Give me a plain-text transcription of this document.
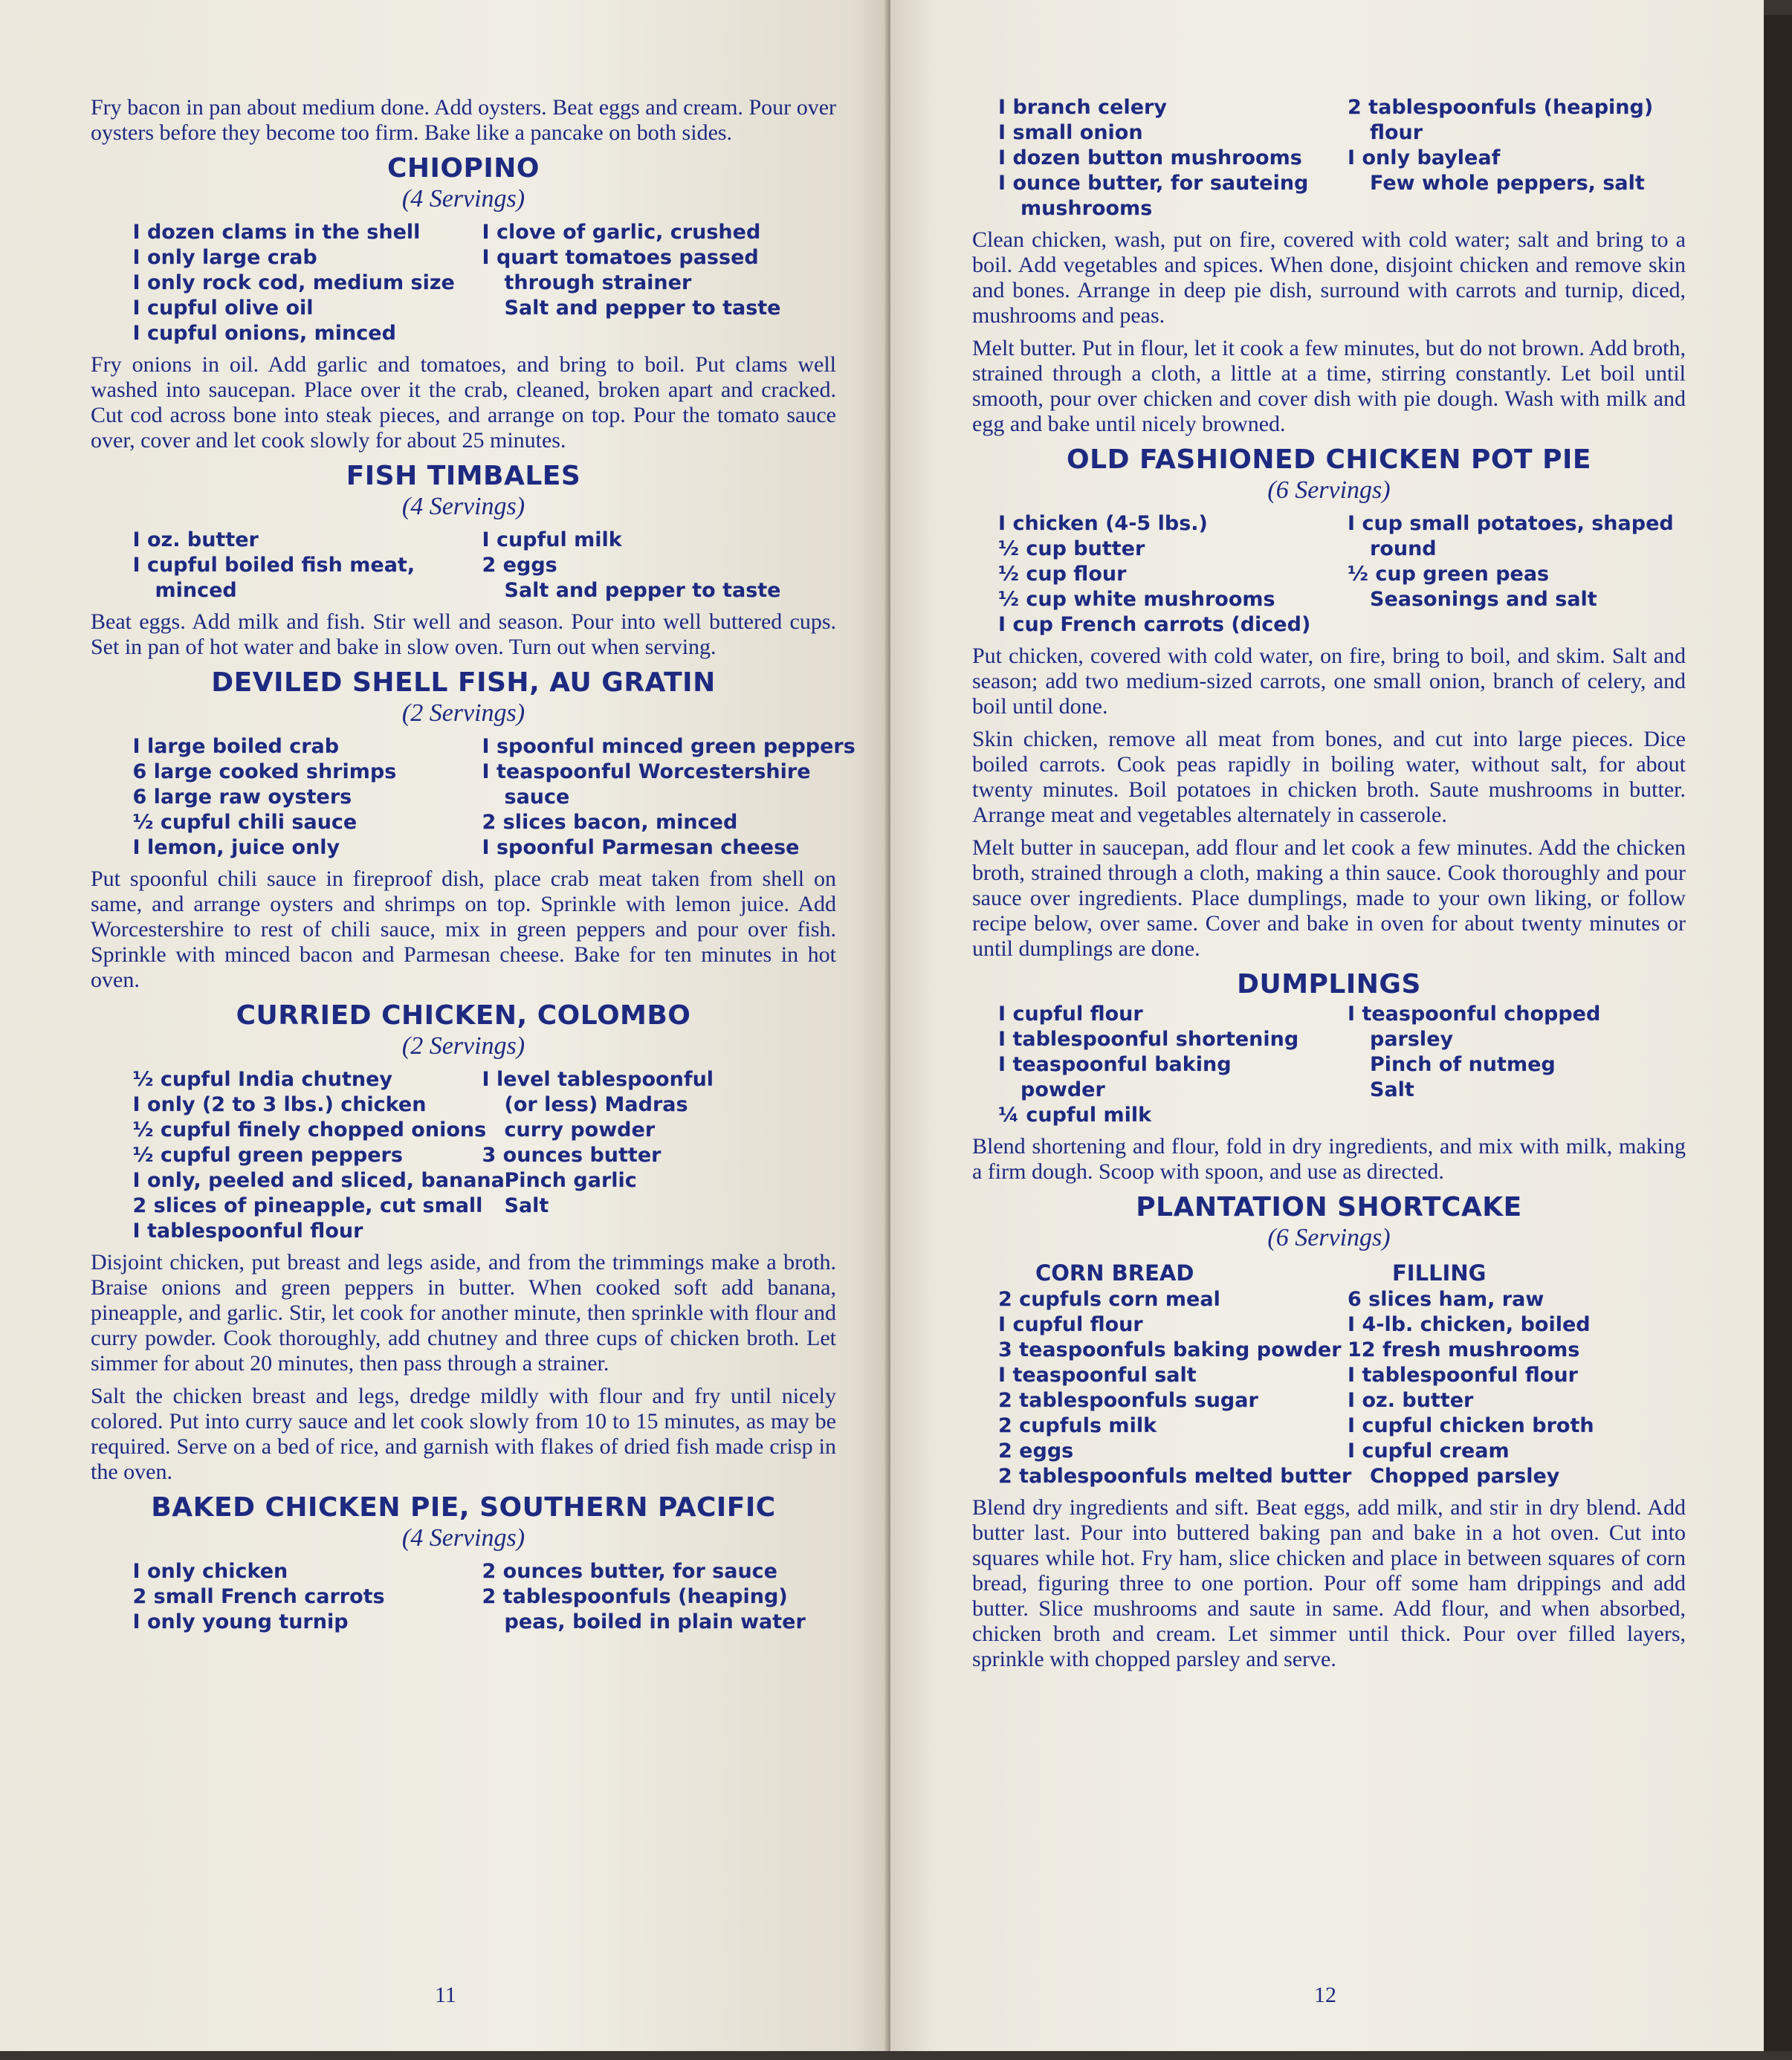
Fry bacon in pan about medium done. Add oysters. Beat eggs and cream. Pour over oysters before they become too firm. Bake like a pancake on both sides.

CHIOPINO
(4 Servings)
I dozen clams in the shell
I only large crab
I only rock cod, medium size
I cupful olive oil
I cupful onions, minced
I clove of garlic, crushed
I quart tomatoes passed
through strainer
Salt and pepper to taste

Fry onions in oil. Add garlic and tomatoes, and bring to boil. Put clams well washed into saucepan. Place over it the crab, cleaned, broken apart and cracked. Cut cod across bone into steak pieces, and arrange on top. Pour the tomato sauce over, cover and let cook slowly for about 25 minutes.

FISH TIMBALES
(4 Servings)
I oz. butter
I cupful boiled fish meat,
minced
I cupful milk
2 eggs
Salt and pepper to taste

Beat eggs. Add milk and fish. Stir well and season. Pour into well buttered cups. Set in pan of hot water and bake in slow oven. Turn out when serving.

DEVILED SHELL FISH, AU GRATIN
(2 Servings)
I large boiled crab
6 large cooked shrimps
6 large raw oysters
½ cupful chili sauce
I lemon, juice only
I spoonful minced green peppers
I teaspoonful Worcestershire
sauce
2 slices bacon, minced
I spoonful Parmesan cheese

Put spoonful chili sauce in fireproof dish, place crab meat taken from shell on same, and arrange oysters and shrimps on top. Sprinkle with lemon juice. Add Worcestershire to rest of chili sauce, mix in green peppers and pour over fish. Sprinkle with minced bacon and Parmesan cheese. Bake for ten minutes in hot oven.

CURRIED CHICKEN, COLOMBO
(2 Servings)
½ cupful India chutney
I only (2 to 3 lbs.) chicken
½ cupful finely chopped onions
½ cupful green peppers
I only, peeled and sliced, banana
2 slices of pineapple, cut small
I tablespoonful flour
I level tablespoonful
(or less) Madras
curry powder
3 ounces butter
Pinch garlic
Salt

Disjoint chicken, put breast and legs aside, and from the trimmings make a broth. Braise onions and green peppers in butter. When cooked soft add banana, pineapple, and garlic. Stir, let cook for another minute, then sprinkle with flour and curry powder. Cook thoroughly, add chutney and three cups of chicken broth. Let simmer for about 20 minutes, then pass through a strainer.

Salt the chicken breast and legs, dredge mildly with flour and fry until nicely colored. Put into curry sauce and let cook slowly from 10 to 15 minutes, as may be required. Serve on a bed of rice, and garnish with flakes of dried fish made crisp in the oven.

BAKED CHICKEN PIE, SOUTHERN PACIFIC
(4 Servings)
I only chicken
2 small French carrots
I only young turnip
2 ounces butter, for sauce
2 tablespoonfuls (heaping)
peas, boiled in plain water
11
I branch celery
I small onion
I dozen button mushrooms
I ounce butter, for sauteing
mushrooms
2 tablespoonfuls (heaping)
flour
I only bayleaf
Few whole peppers, salt

Clean chicken, wash, put on fire, covered with cold water; salt and bring to a boil. Add vegetables and spices. When done, disjoint chicken and remove skin and bones. Arrange in deep pie dish, surround with carrots and turnip, diced, mushrooms and peas.

Melt butter. Put in flour, let it cook a few minutes, but do not brown. Add broth, strained through a cloth, a little at a time, stirring constantly. Let boil until smooth, pour over chicken and cover dish with pie dough. Wash with milk and egg and bake until nicely browned.

OLD FASHIONED CHICKEN POT PIE
(6 Servings)
I chicken (4-5 lbs.)
½ cup butter
½ cup flour
½ cup white mushrooms
I cup French carrots (diced)
I cup small potatoes, shaped
round
½ cup green peas
Seasonings and salt

Put chicken, covered with cold water, on fire, bring to boil, and skim. Salt and season; add two medium-sized carrots, one small onion, branch of celery, and boil until done.

Skin chicken, remove all meat from bones, and cut into large pieces. Dice boiled carrots. Cook peas rapidly in boiling water, without salt, for about twenty minutes. Boil potatoes in chicken broth. Saute mushrooms in butter. Arrange meat and vegetables alternately in casserole.

Melt butter in saucepan, add flour and let cook a few minutes. Add the chicken broth, strained through a cloth, making a thin sauce. Cook thoroughly and pour sauce over ingredients. Place dumplings, made to your own liking, or follow recipe below, over same. Cover and bake in oven for about twenty minutes or until dumplings are done.

DUMPLINGS
I cupful flour
I tablespoonful shortening
I teaspoonful baking
powder
¼ cupful milk
I teaspoonful chopped
parsley
Pinch of nutmeg
Salt

Blend shortening and flour, fold in dry ingredients, and mix with milk, making a firm dough. Scoop with spoon, and use as directed.

PLANTATION SHORTCAKE
(6 Servings)
CORN BREAD
2 cupfuls corn meal
I cupful flour
3 teaspoonfuls baking powder
I teaspoonful salt
2 tablespoonfuls sugar
2 cupfuls milk
2 eggs
2 tablespoonfuls melted butter
FILLING
6 slices ham, raw
I 4-lb. chicken, boiled
12 fresh mushrooms
I tablespoonful flour
I oz. butter
I cupful chicken broth
I cupful cream
Chopped parsley

Blend dry ingredients and sift. Beat eggs, add milk, and stir in dry blend. Add butter last. Pour into buttered baking pan and bake in a hot oven. Cut into squares while hot. Fry ham, slice chicken and place in between squares of corn bread, figuring three to one portion. Pour off some ham drippings and add butter. Slice mushrooms and saute in same. Add flour, and when absorbed, chicken broth and cream. Let simmer until thick. Pour over filled layers, sprinkle with chopped parsley and serve.

12
